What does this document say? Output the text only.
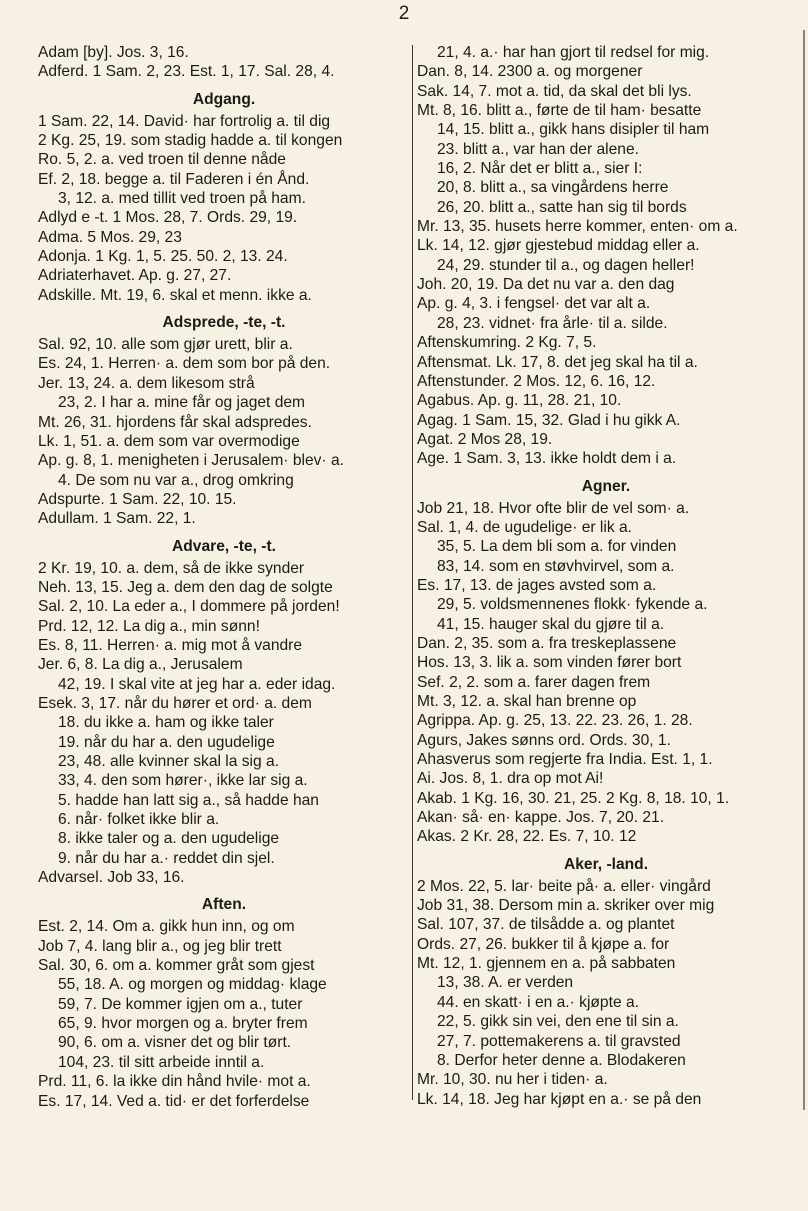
2
Adam [by]. Jos. 3, 16.
Adferd. 1 Sam. 2, 23. Est. 1, 17. Sal. 28, 4.
Adgang.
1 Sam. 22, 14. David· har fortrolig a. til dig
2 Kg. 25, 19. som stadig hadde a. til kongen
Ro. 5, 2. a. ved troen til denne nåde
Ef. 2, 18. begge a. til Faderen i én Ånd.
3, 12. a. med tillit ved troen på ham.
Adlyd e -t. 1 Mos. 28, 7. Ords. 29, 19.
Adma. 5 Mos. 29, 23
Adonja. 1 Kg. 1, 5. 25. 50. 2, 13. 24.
Adriaterhavet. Ap. g. 27, 27.
Adskille. Mt. 19, 6. skal et menn. ikke a.
Adsprede, -te, -t.
Sal. 92, 10. alle som gjør urett, blir a.
Es. 24, 1. Herren· a. dem som bor på den.
Jer. 13, 24. a. dem likesom strå
23, 2. I har a. mine får og jaget dem
Mt. 26, 31. hjordens får skal adspredes.
Lk. 1, 51. a. dem som var overmodige
Ap. g. 8, 1. menigheten i Jerusalem· blev· a.
4. De som nu var a., drog omkring
Adspurte. 1 Sam. 22, 10. 15.
Adullam. 1 Sam. 22, 1.
Advare, -te, -t.
2 Kr. 19, 10. a. dem, så de ikke synder
Neh. 13, 15. Jeg a. dem den dag de solgte
Sal. 2, 10. La eder a., I dommere på jorden!
Prd. 12, 12. La dig a., min sønn!
Es. 8, 11. Herren· a. mig mot å vandre
Jer. 6, 8. La dig a., Jerusalem
42, 19. I skal vite at jeg har a. eder idag.
Esek. 3, 17. når du hører et ord· a. dem
18. du ikke a. ham og ikke taler
19. når du har a. den ugudelige
23, 48. alle kvinner skal la sig a.
33, 4. den som hører·, ikke lar sig a.
5. hadde han latt sig a., så hadde han
6. når· folket ikke blir a.
8. ikke taler og a. den ugudelige
9. når du har a.· reddet din sjel.
Advarsel. Job 33, 16.
Aften.
Est. 2, 14. Om a. gikk hun inn, og om
Job 7, 4. lang blir a., og jeg blir trett
Sal. 30, 6. om a. kommer gråt som gjest
55, 18. A. og morgen og middag· klage
59, 7. De kommer igjen om a., tuter
65, 9. hvor morgen og a. bryter frem
90, 6. om a. visner det og blir tørt.
104, 23. til sitt arbeide inntil a.
Prd. 11, 6. la ikke din hånd hvile· mot a.
Es. 17, 14. Ved a. tid· er det forferdelse
21, 4. a.· har han gjort til redsel for mig.
Dan. 8, 14. 2300 a. og morgener
Sak. 14, 7. mot a. tid, da skal det bli lys.
Mt. 8, 16. blitt a., førte de til ham· besatte
14, 15. blitt a., gikk hans disipler til ham
23. blitt a., var han der alene.
16, 2. Når det er blitt a., sier I:
20, 8. blitt a., sa vingårdens herre
26, 20. blitt a., satte han sig til bords
Mr. 13, 35. husets herre kommer, enten· om a.
Lk. 14, 12. gjør gjestebud middag eller a.
24, 29. stunder til a., og dagen heller!
Joh. 20, 19. Da det nu var a. den dag
Ap. g. 4, 3. i fengsel· det var alt a.
28, 23. vidnet· fra årle· til a. silde.
Aftenskumring. 2 Kg. 7, 5.
Aftensmat. Lk. 17, 8. det jeg skal ha til a.
Aftenstunder. 2 Mos. 12, 6. 16, 12.
Agabus. Ap. g. 11, 28. 21, 10.
Agag. 1 Sam. 15, 32. Glad i hu gikk A.
Agat. 2 Mos 28, 19.
Age. 1 Sam. 3, 13. ikke holdt dem i a.
Agner.
Job 21, 18. Hvor ofte blir de vel som· a.
Sal. 1, 4. de ugudelige· er lik a.
35, 5. La dem bli som a. for vinden
83, 14. som en støvhvirvel, som a.
Es. 17, 13. de jages avsted som a.
29, 5. voldsmennenes flokk· fykende a.
41, 15. hauger skal du gjøre til a.
Dan. 2, 35. som a. fra treskeplassene
Hos. 13, 3. lik a. som vinden fører bort
Sef. 2, 2. som a. farer dagen frem
Mt. 3, 12. a. skal han brenne op
Agrippa. Ap. g. 25, 13. 22. 23. 26, 1. 28.
Agurs, Jakes sønns ord. Ords. 30, 1.
Ahasverus som regjerte fra India. Est. 1, 1.
Ai. Jos. 8, 1. dra op mot Ai!
Akab. 1 Kg. 16, 30. 21, 25. 2 Kg. 8, 18. 10, 1.
Akan· så· en· kappe. Jos. 7, 20. 21.
Akas. 2 Kr. 28, 22. Es. 7, 10. 12
Aker, -land.
2 Mos. 22, 5. lar· beite på· a. eller· vingård
Job 31, 38. Dersom min a. skriker over mig
Sal. 107, 37. de tilsådde a. og plantet
Ords. 27, 26. bukker til å kjøpe a. for
Mt. 12, 1. gjennem en a. på sabbaten
13, 38. A. er verden
44. en skatt· i en a.· kjøpte a.
22, 5. gikk sin vei, den ene til sin a.
27, 7. pottemakerens a. til gravsted
8. Derfor heter denne a. Blodakeren
Mr. 10, 30. nu her i tiden· a.
Lk. 14, 18. Jeg har kjøpt en a.· se på den
